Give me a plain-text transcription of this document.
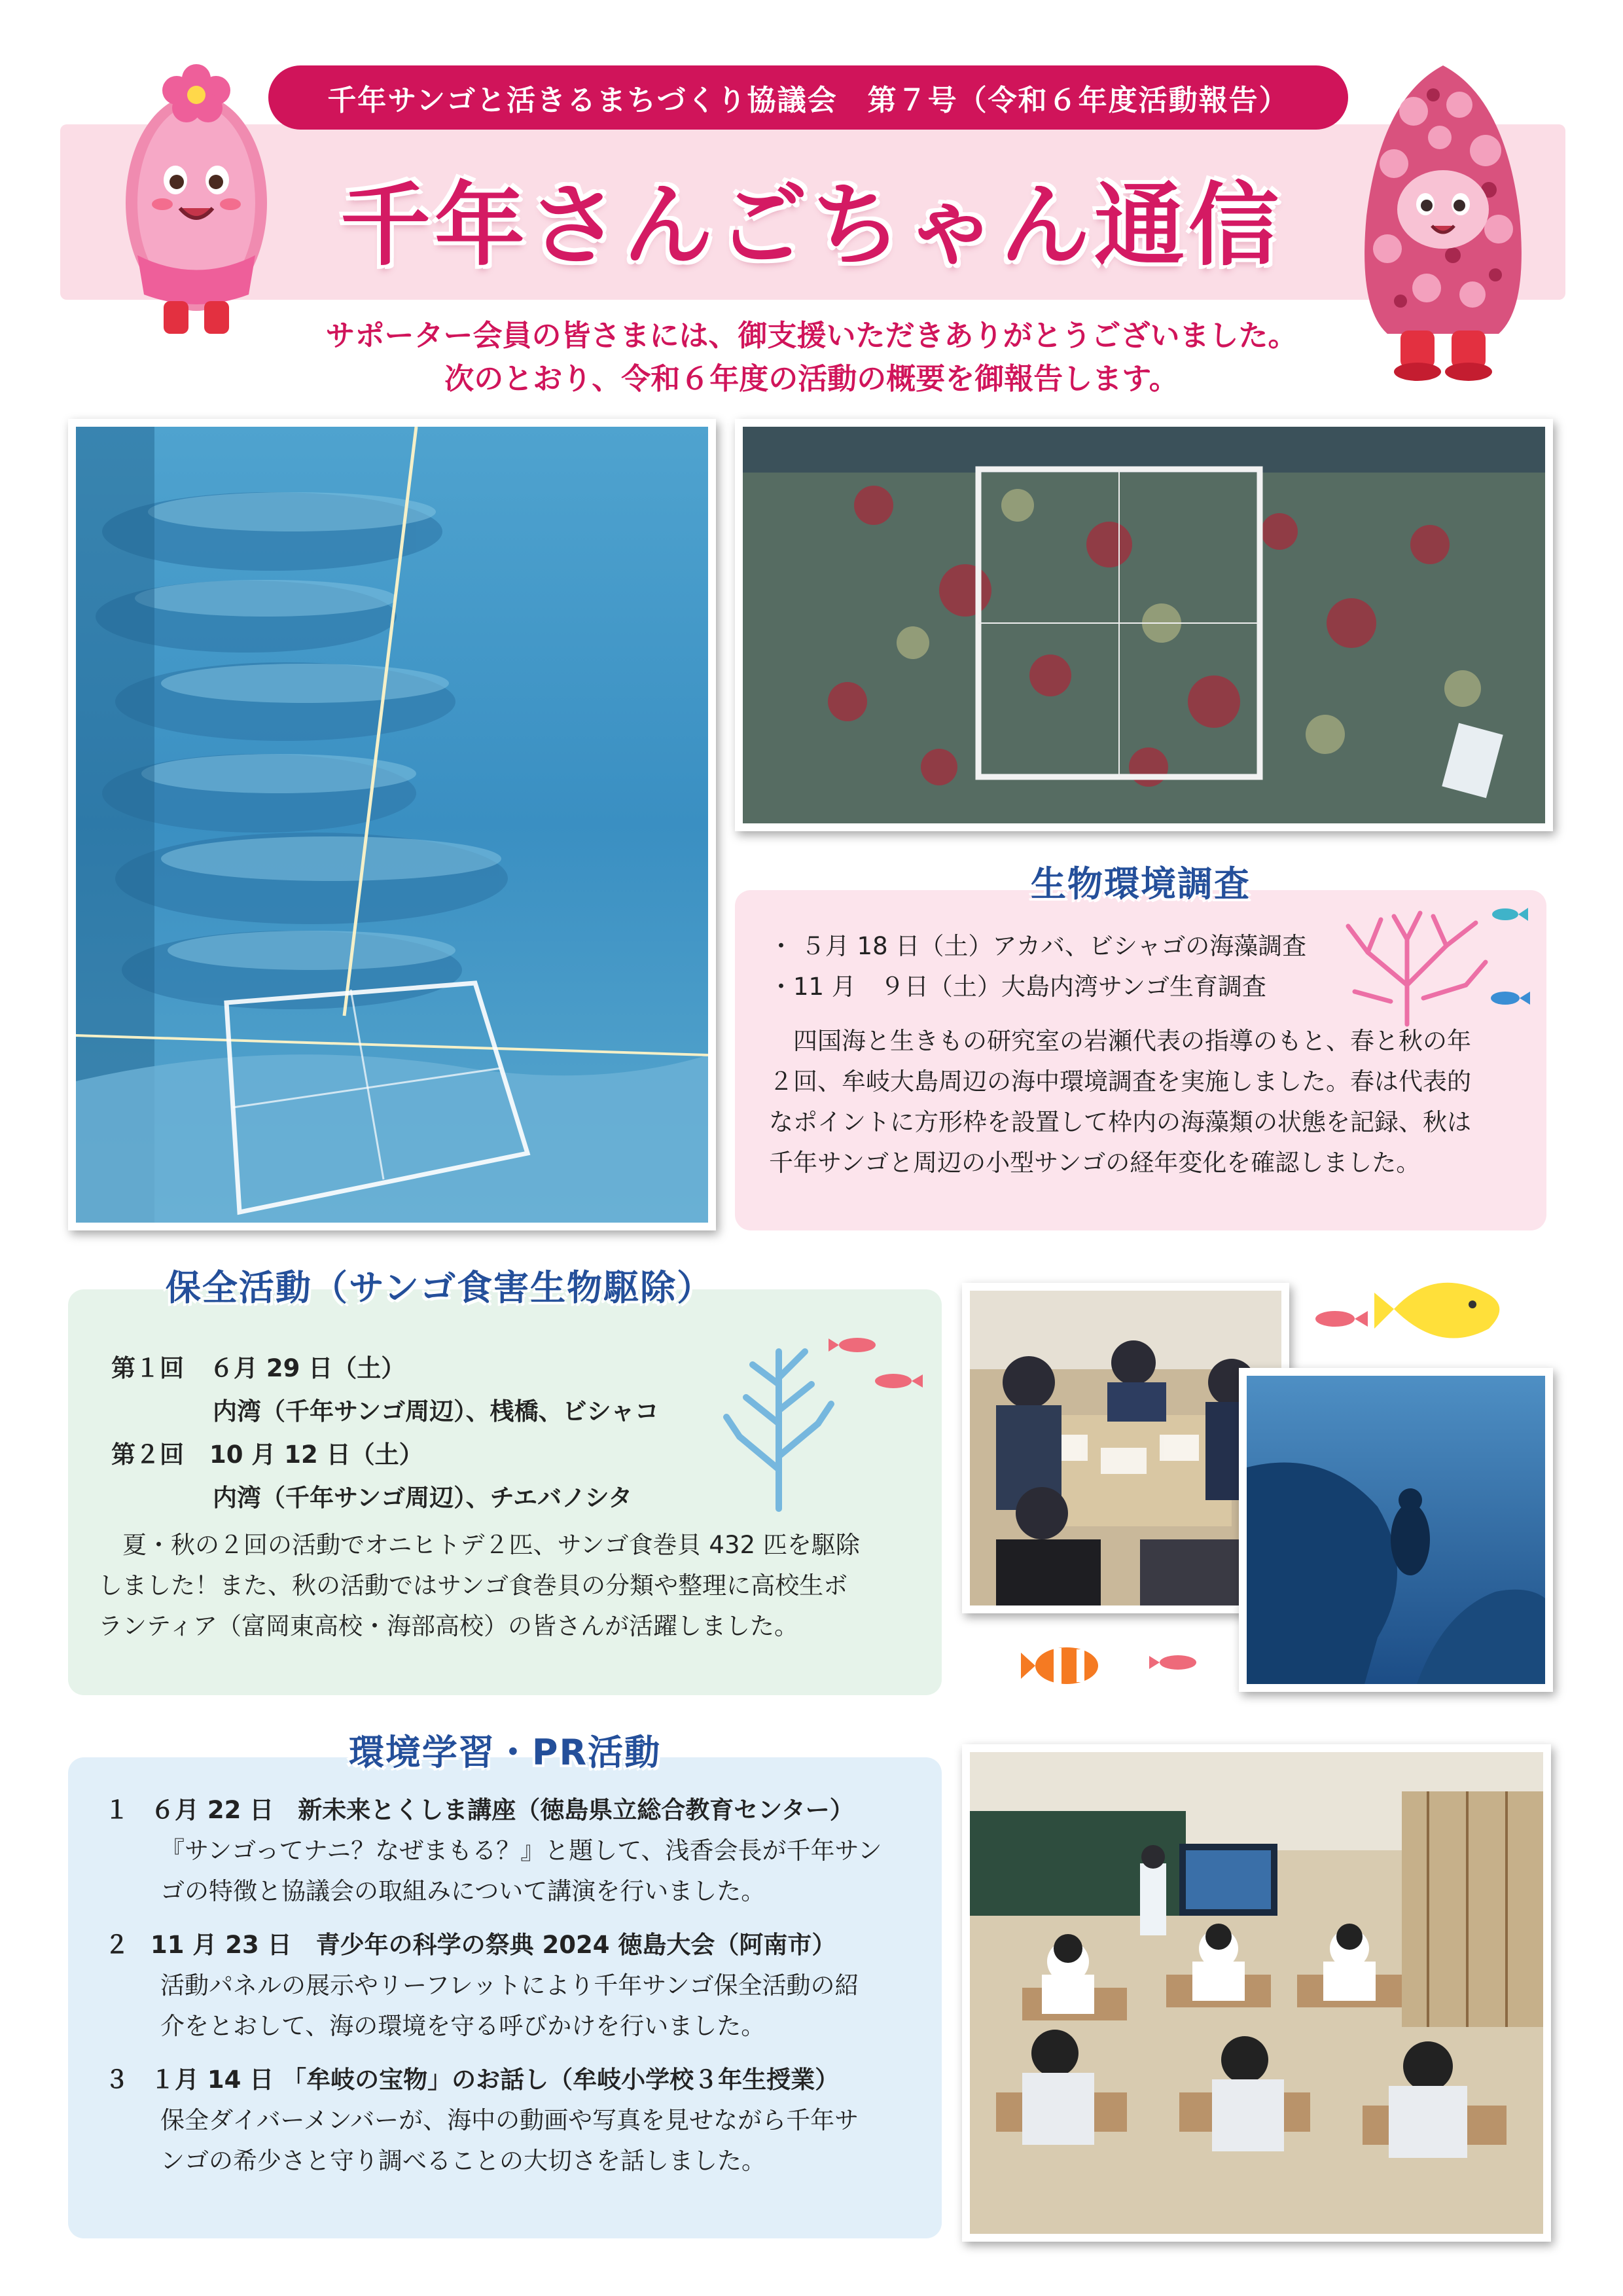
千年サンゴと活きるまちづくり協議会　第７号（令和６年度活動報告）
千年さんごちゃん通信
サポーター会員の皆さまには、御支援いただきありがとうございました。
次のとおり、令和６年度の活動の概要を御報告します。
生物環境調査
・ ５月 18 日（土）アカバ、ビシャゴの海藻調査
・11 月　９日（土）大島内湾サンゴ生育調査
　四国海と生きもの研究室の岩瀬代表の指導のもと、春と秋の年
２回、牟岐大島周辺の海中環境調査を実施しました。春は代表的
なポイントに方形枠を設置して枠内の海藻類の状態を記録、秋は
千年サンゴと周辺の小型サンゴの経年変化を確認しました。
保全活動（サンゴ食害生物駆除）
第１回	６月 29 日（土）
内湾（千年サンゴ周辺）、桟橋、ビシャコ
第２回	10 月 12 日（土）
内湾（千年サンゴ周辺）、チエバノシタ
　夏・秋の２回の活動でオニヒトデ２匹、サンゴ食巻貝 432 匹を駆除
しました！また、秋の活動ではサンゴ食巻貝の分類や整理に高校生ボ
ランティア（富岡東高校・海部高校）の皆さんが活躍しました。
環境学習・PR活動
１ ６月 22 日　新未来とくしま講座（徳島県立総合教育センター）
『サンゴってナニ？なぜまもる？』と題して、浅香会長が千年サン
ゴの特徴と協議会の取組みについて講演を行いました。
２ 11 月 23 日　青少年の科学の祭典 2024 徳島大会（阿南市）
活動パネルの展示やリーフレットにより千年サンゴ保全活動の紹
介をとおして、海の環境を守る呼びかけを行いました。
３ １月 14 日 「牟岐の宝物」のお話し（牟岐小学校３年生授業）
保全ダイバーメンバーが、海中の動画や写真を見せながら千年サ
ンゴの希少さと守り調べることの大切さを話しました。
